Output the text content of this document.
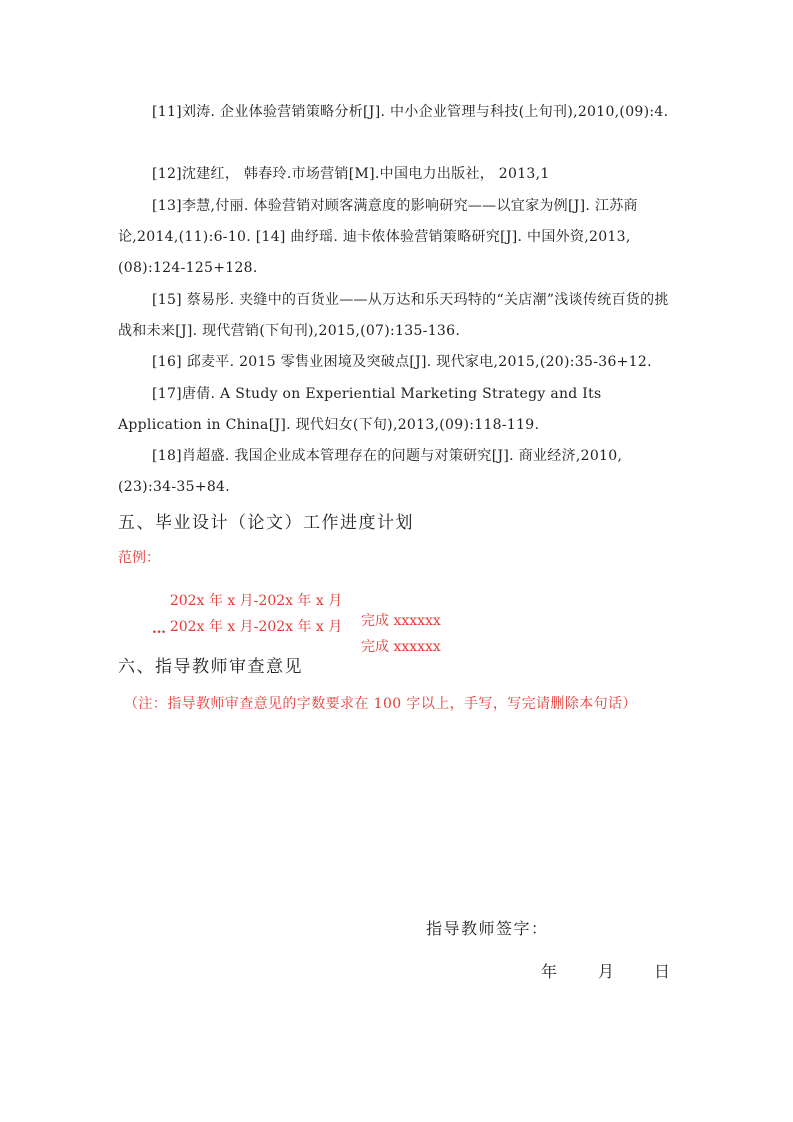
[11]刘涛. 企业体验营销策略分析[J]. 中小企业管理与科技(上旬刊),2010,(09):4.

[12]沈建红， 韩春玲.市场营销[M].中国电力出版社， 2013,1

[13]李慧,付丽. 体验营销对顾客满意度的影响研究——以宜家为例[J]. 江苏商论,2014,(11):6-10. [14] 曲纾瑶. 迪卡侬体验营销策略研究[J]. 中国外资,2013,(08):124-125+128.

[15] 蔡易彤. 夹缝中的百货业——从万达和乐天玛特的“关店潮”浅谈传统百货的挑战和未来[J]. 现代营销(下旬刊),2015,(07):135-136.

[16] 邱麦平. 2015 零售业困境及突破点[J]. 现代家电,2015,(20):35-36+12.

[17]唐倩. A Study on Experiential Marketing Strategy and Its Application in China[J]. 现代妇女(下旬),2013,(09):118-119.

[18]肖超盛. 我国企业成本管理存在的问题与对策研究[J]. 商业经济,2010,(23):34-35+84.

五、毕业设计（论文）工作进度计划

范例：

202x 年 x 月-202x 年 x 月

完成 xxxxxx

202x 年 x 月-202x 年 x 月

完成 xxxxxx

…

六、指导教师审查意见

（注：指导教师审查意见的字数要求在 100 字以上，手写，写完请删除本句话）

指导教师签字：

年	月 日
